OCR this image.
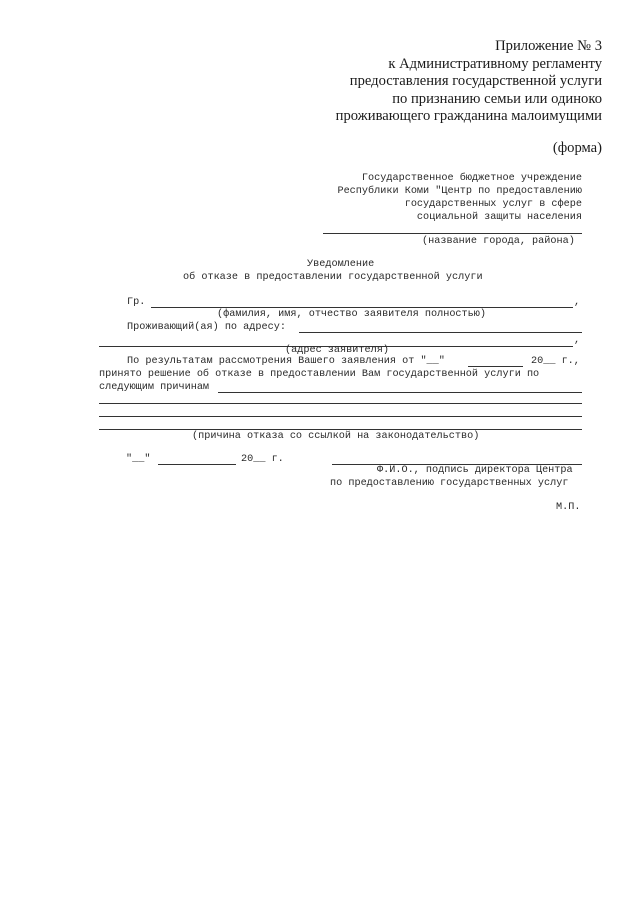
Приложение № 3
к Административному регламенту
предоставления государственной услуги
по признанию семьи или одиноко
проживающего гражданина малоимущими
(форма)
Государственное бюджетное учреждение
Республики Коми "Центр по предоставлению
государственных услуг в сфере
социальной защиты населения
(название города, района)
Уведомление
об отказе в предоставлении государственной услуги
Гр.	,
(фамилия, имя, отчество заявителя полностью)
Проживающий(ая) по адресу:
,
(адрес заявителя)
По результатам рассмотрения Вашего заявления от "__"	20__ г.,
принято решение об отказе в предоставлении Вам государственной услуги по
следующим причинам
(причина отказа со ссылкой на законодательство)
"__"	20__ г.
Ф.И.О., подпись директора Центра
по предоставлению государственных услуг
М.П.
